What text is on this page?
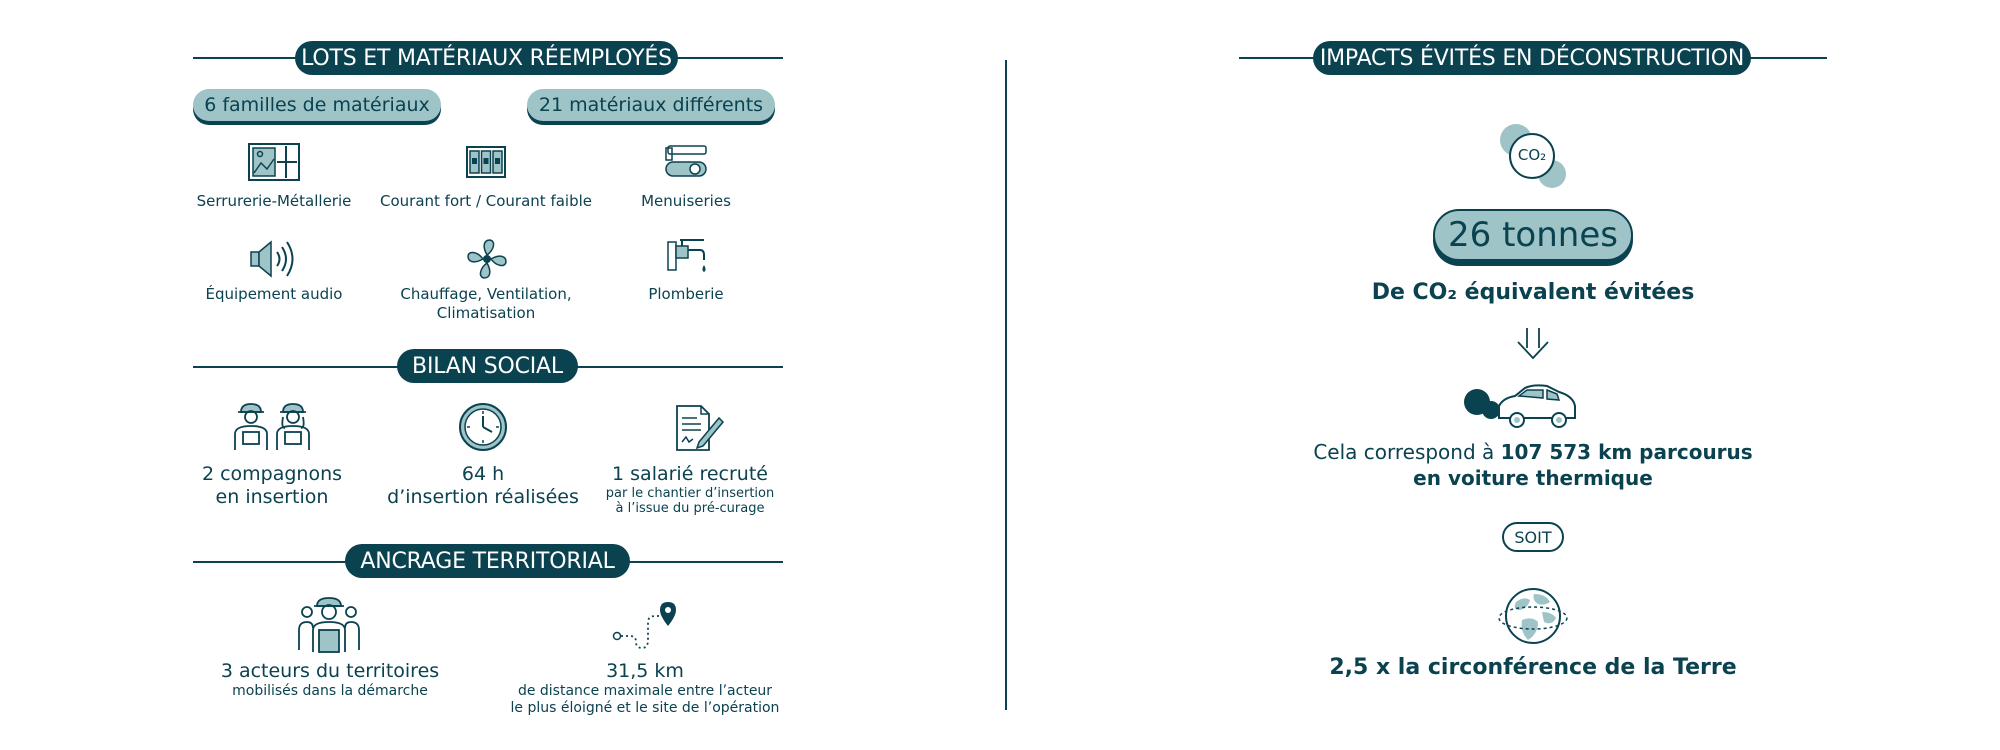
LOTS ET MATÉRIAUX RÉEMPLOYÉS
6 familles de matériaux	21 matériaux différents
Serrurerie-Métallerie	Courant fort / Courant faible	Menuiseries
Équipement audio	Chauffage, Ventilation,
Climatisation
Plomberie
BILAN SOCIAL
2 compagnons
en insertion
64 h
d’insertion réalisées
1 salarié recruté
par le chantier d’insertion
à l’issue du pré-curage
ANCRAGE TERRITORIAL
3 acteurs du territoires
mobilisés dans la démarche
31,5 km
de distance maximale entre l’acteur
le plus éloigné et le site de l’opération
IMPACTS ÉVITÉS EN DÉCONSTRUCTION
CO₂
26 tonnes
De CO₂ équivalent évitées
Cela correspond à 107 573 km parcourus
en voiture thermique
SOIT
2,5 x la circonférence de la Terre
